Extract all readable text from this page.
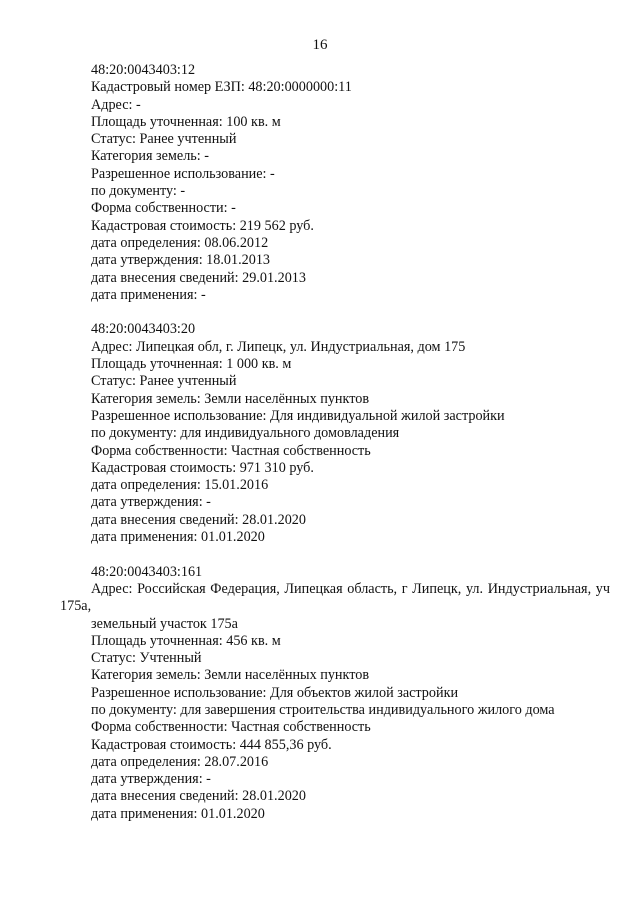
16
48:20:0043403:12
Кадастровый номер ЕЗП: 48:20:0000000:11
Адрес: -
Площадь уточненная: 100 кв. м
Статус: Ранее учтенный
Категория земель: -
Разрешенное использование: -
по документу: -
Форма собственности: -
Кадастровая стоимость: 219 562 руб.
дата определения: 08.06.2012
дата утверждения: 18.01.2013
дата внесения сведений: 29.01.2013
дата применения: -
48:20:0043403:20
Адрес: Липецкая обл, г. Липецк, ул. Индустриальная, дом 175
Площадь уточненная: 1 000 кв. м
Статус: Ранее учтенный
Категория земель: Земли населённых пунктов
Разрешенное использование: Для индивидуальной жилой застройки
по документу: для индивидуального домовладения
Форма собственности: Частная собственность
Кадастровая стоимость: 971 310 руб.
дата определения: 15.01.2016
дата утверждения: -
дата внесения сведений: 28.01.2020
дата применения: 01.01.2020
48:20:0043403:161
Адрес: Российская Федерация, Липецкая область, г Липецк, ул. Индустриальная, уч 175а,
земельный участок 175а
Площадь уточненная: 456 кв. м
Статус: Учтенный
Категория земель: Земли населённых пунктов
Разрешенное использование: Для объектов жилой застройки
по документу: для завершения строительства индивидуального жилого дома
Форма собственности: Частная собственность
Кадастровая стоимость: 444 855,36 руб.
дата определения: 28.07.2016
дата утверждения: -
дата внесения сведений: 28.01.2020
дата применения: 01.01.2020
